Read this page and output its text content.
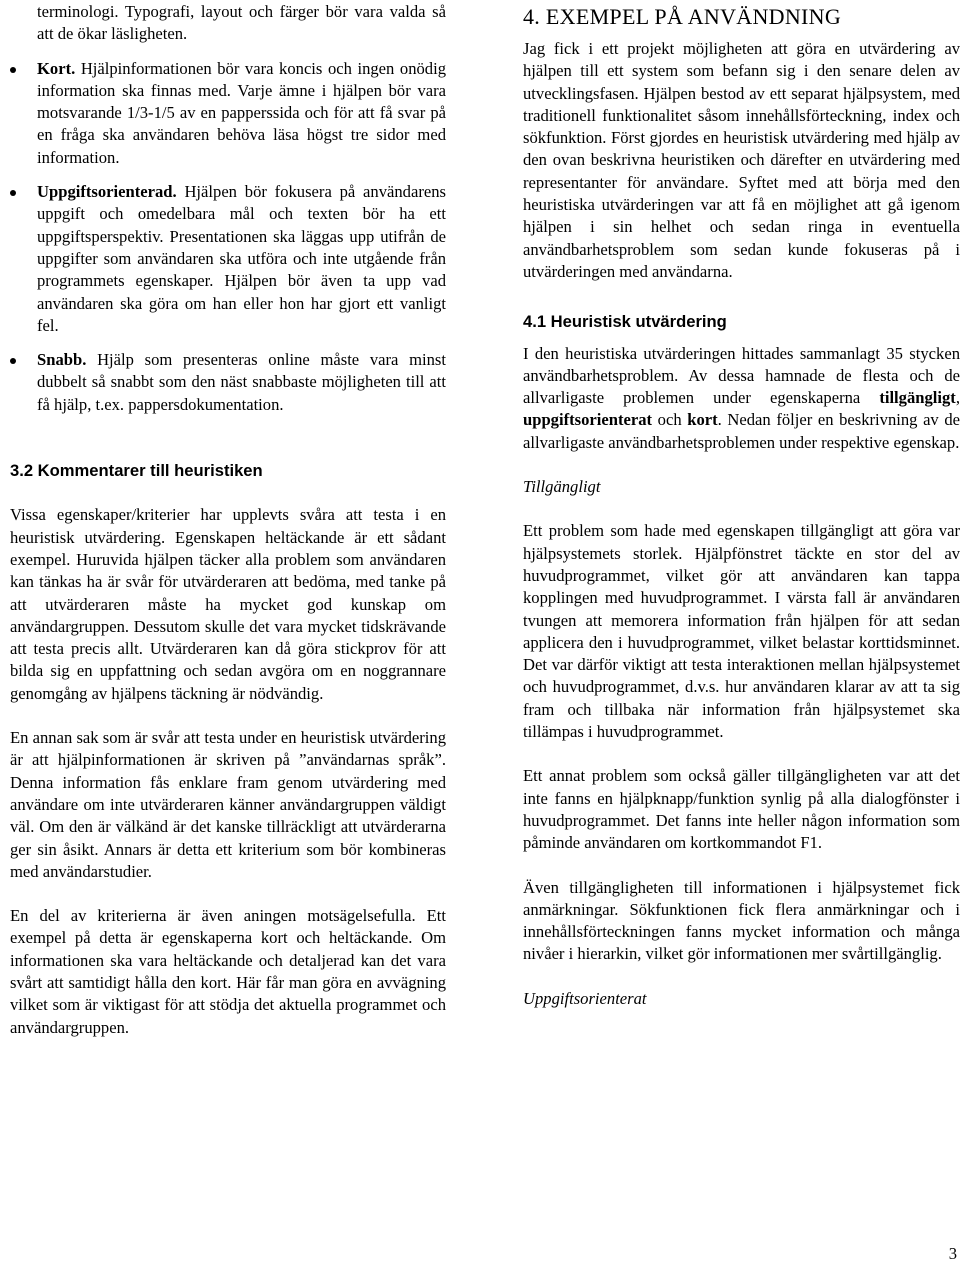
terminologi. Typografi, layout och färger bör vara valda så att de ökar läsligheten.

Kort. Hjälpinformationen bör vara koncis och ingen onödig information ska finnas med. Varje ämne i hjälpen bör vara motsvarande 1/3-1/5 av en papperssida och för att få svar på en fråga ska användaren behöva läsa högst tre sidor med information.

Uppgiftsorienterad. Hjälpen bör fokusera på användarens uppgift och omedelbara mål och texten bör ha ett uppgiftsperspektiv. Presentationen ska läggas upp utifrån de uppgifter som användaren ska utföra och inte utgående från programmets egenskaper. Hjälpen bör även ta upp vad användaren ska göra om han eller hon har gjort ett vanligt fel.

Snabb. Hjälp som presenteras online måste vara minst dubbelt så snabbt som den näst snabbaste möjligheten till att få hjälp, t.ex. pappersdokumentation.

3.2 Kommentarer till heuristiken

Vissa egenskaper/kriterier har upplevts svåra att testa i en heuristisk utvärdering. Egenskapen heltäckande är ett sådant exempel. Huruvida hjälpen täcker alla problem som användaren kan tänkas ha är svår för utvärderaren att bedöma, med tanke på att utvärderaren måste ha mycket god kunskap om användargruppen. Dessutom skulle det vara mycket tidskrävande att testa precis allt. Utvärderaren kan då göra stickprov för att bilda sig en uppfattning och sedan avgöra om en noggrannare genomgång av hjälpens täckning är nödvändig.

En annan sak som är svår att testa under en heuristisk utvärdering är att hjälpinformationen är skriven på ”användarnas språk”. Denna information fås enklare fram genom utvärdering med användare om inte utvärderaren känner användargruppen väldigt väl. Om den är välkänd är det kanske tillräckligt att utvärderarna ger sin åsikt. Annars är detta ett kriterium som bör kombineras med användarstudier.

En del av kriterierna är även aningen motsägelsefulla. Ett exempel på detta är egenskaperna kort och heltäckande. Om informationen ska vara heltäckande och detaljerad kan det vara svårt att samtidigt hålla den kort. Här får man göra en avvägning vilket som är viktigast för att stödja det aktuella programmet och användargruppen.

4. EXEMPEL PÅ ANVÄNDNING

Jag fick i ett projekt möjligheten att göra en utvärdering av hjälpen till ett system som befann sig i den senare delen av utvecklingsfasen. Hjälpen bestod av ett separat hjälpsystem, med traditionell funktionalitet såsom innehållsförteckning, index och sökfunktion. Först gjordes en heuristisk utvärdering med hjälp av den ovan beskrivna heuristiken och därefter en utvärdering med representanter för användare. Syftet med att börja med den heuristiska utvärderingen var att få en möjlighet att gå igenom hjälpen i sin helhet och sedan ringa in eventuella användbarhetsproblem som sedan kunde fokuseras på i utvärderingen med användarna.

4.1 Heuristisk utvärdering

I den heuristiska utvärderingen hittades sammanlagt 35 stycken användbarhetsproblem. Av dessa hamnade de flesta och de allvarligaste problemen under egenskaperna tillgängligt, uppgiftsorienterat och kort. Nedan följer en beskrivning av de allvarligaste användbarhetsproblemen under respektive egenskap.

Tillgängligt

Ett problem som hade med egenskapen tillgängligt att göra var hjälpsystemets storlek. Hjälpfönstret täckte en stor del av huvudprogrammet, vilket gör att användaren kan tappa kopplingen med huvudprogrammet. I värsta fall är användaren tvungen att memorera information från hjälpen för att sedan applicera den i huvudprogrammet, vilket belastar korttidsminnet. Det var därför viktigt att testa interaktionen mellan hjälpsystemet och huvudprogrammet, d.v.s. hur användaren klarar av att ta sig fram och tillbaka när information från hjälpsystemet ska tillämpas i huvudprogrammet.

Ett annat problem som också gäller tillgängligheten var att det inte fanns en hjälpknapp/funktion synlig på alla dialogfönster i huvudprogrammet. Det fanns inte heller någon information som påminde användaren om kortkommandot F1.

Även tillgängligheten till informationen i hjälpsystemet fick anmärkningar. Sökfunktionen fick flera anmärkningar och i innehållsförteckningen fanns mycket information och många nivåer i hierarkin, vilket gör informationen mer svårtillgänglig.

Uppgiftsorienterat
3
